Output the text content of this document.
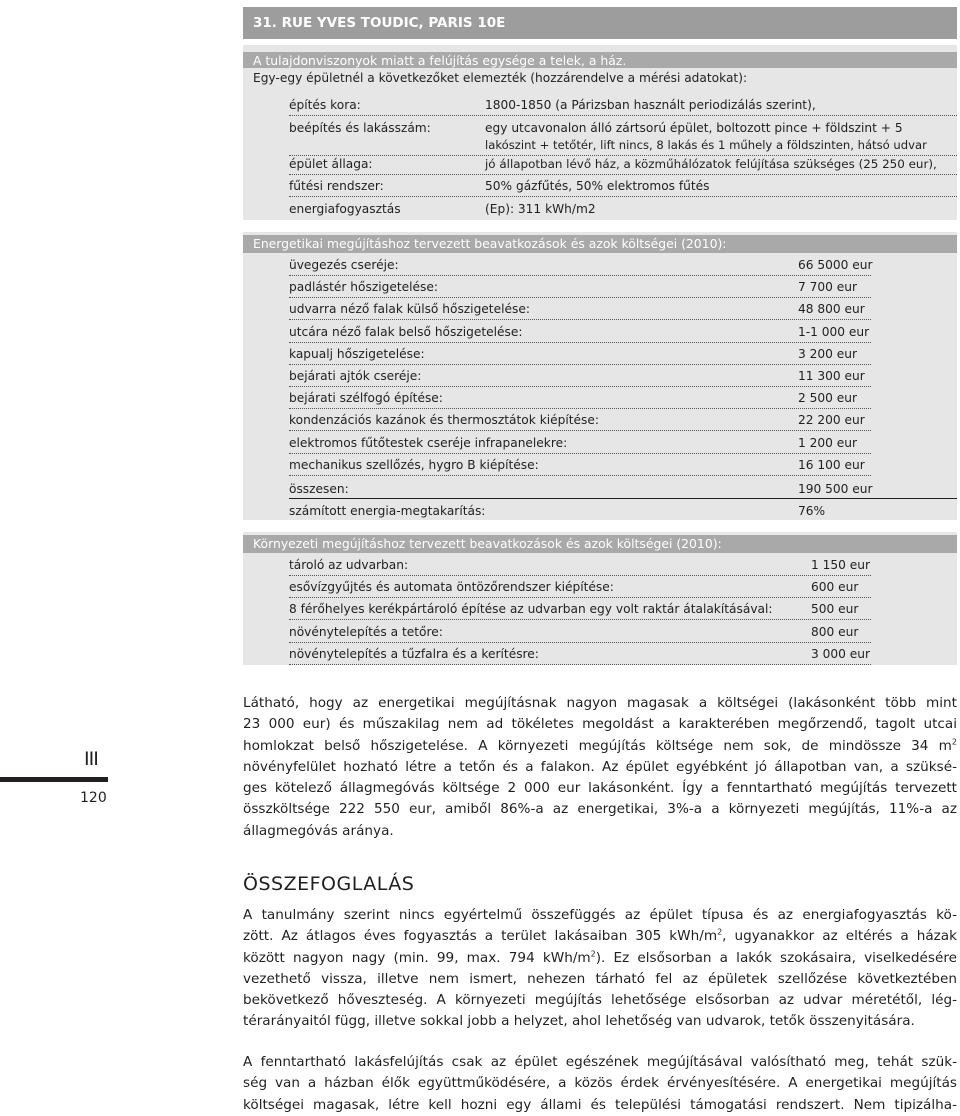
31. RUE YVES TOUDIC, PARIS 10E
A tulajdonviszonyok miatt a felújítás egysége a telek, a ház.
Egy-egy épületnél a következőket elemezték (hozzárendelve a mérési adatokat):
építés kora:	1800-1850 (a Párizsban használt periodizálás szerint),
beépítés és lakásszám:	egy utcavonalon álló zártsorú épület, boltozott pince + földszint + 5
lakószint + tetőtér, lift nincs, 8 lakás és 1 műhely a földszinten, hátsó udvar
épület állaga:	jó állapotban lévő ház, a közműhálózatok felújítása szükséges (25 250 eur),
fűtési rendszer:	50% gázfűtés, 50% elektromos fűtés
energiafogyasztás	(Ep): 311 kWh/m2
Energetikai megújításhoz tervezett beavatkozások és azok költségei (2010):
üvegezés cseréje:	66 5000 eur
padlástér hőszigetelése:	7 700 eur
udvarra néző falak külső hőszigetelése:	48 800 eur
utcára néző falak belső hőszigetelése:	1-1 000 eur
kapualj hőszigetelése:	3 200 eur
bejárati ajtók cseréje:	11 300 eur
bejárati szélfogó építése:	2 500 eur
kondenzációs kazánok és thermosztátok kiépítése:	22 200 eur
elektromos fűtőtestek cseréje infrapanelekre:	1 200 eur
mechanikus szellőzés, hygro B kiépítése:	16 100 eur
összesen:	190 500 eur
számított energia-megtakarítás:	76%
Környezeti megújításhoz tervezett beavatkozások és azok költségei (2010):
tároló az udvarban:	1 150 eur
esővízgyűjtés és automata öntözőrendszer kiépítése:	600 eur
8 férőhelyes kerékpártároló építése az udvarban egy volt raktár átalakításával:	500 eur
növénytelepítés a tetőre:	800 eur
növénytelepítés a tűzfalra és a kerítésre:	3 000 eur
III
120
Látható, hogy az energetikai megújításnak nagyon magasak a költségei (lakásonként több mint
23 000 eur) és műszakilag nem ad tökéletes megoldást a karakterében megőrzendő, tagolt utcai
homlokzat belső hőszigetelése. A környezeti megújítás költsége nem sok, de mindössze 34 $m^2$
növényfelület hozható létre a tetőn és a falakon. Az épület egyébként jó állapotban van, a szüksé-
ges kötelező állagmegóvás költsége 2 000 eur lakásonként. Így a fenntartható megújítás tervezett
összköltsége 222 550 eur, amiből 86%-a az energetikai, 3%-a a környezeti megújítás, 11%-a az
állagmegóvás aránya.
ÖSSZEFOGLALÁS
A tanulmány szerint nincs egyértelmű összefüggés az épület típusa és az energiafogyasztás kö-
zött. Az átlagos éves fogyasztás a terület lakásaiban 305 kWh/$m^2$, ugyanakkor az eltérés a házak
között nagyon nagy (min. 99, max. 794 kWh/$m^2$). Ez elsősorban a lakók szokásaira, viselkedésére
vezethető vissza, illetve nem ismert, nehezen tárható fel az épületek szellőzése következtében
bekövetkező hőveszteség. A környezeti megújítás lehetősége elsősorban az udvar méretétől, lég-
térarányaitól függ, illetve sokkal jobb a helyzet, ahol lehetőség van udvarok, tetők összenyitására.
A fenntartható lakásfelújítás csak az épület egészének megújításával valósítható meg, tehát szük-
ség van a házban élők együttműködésére, a közös érdek érvényesítésére. A energetikai megújítás
költségei magasak, létre kell hozni egy állami és települési támogatási rendszert. Nem tipizálha-
